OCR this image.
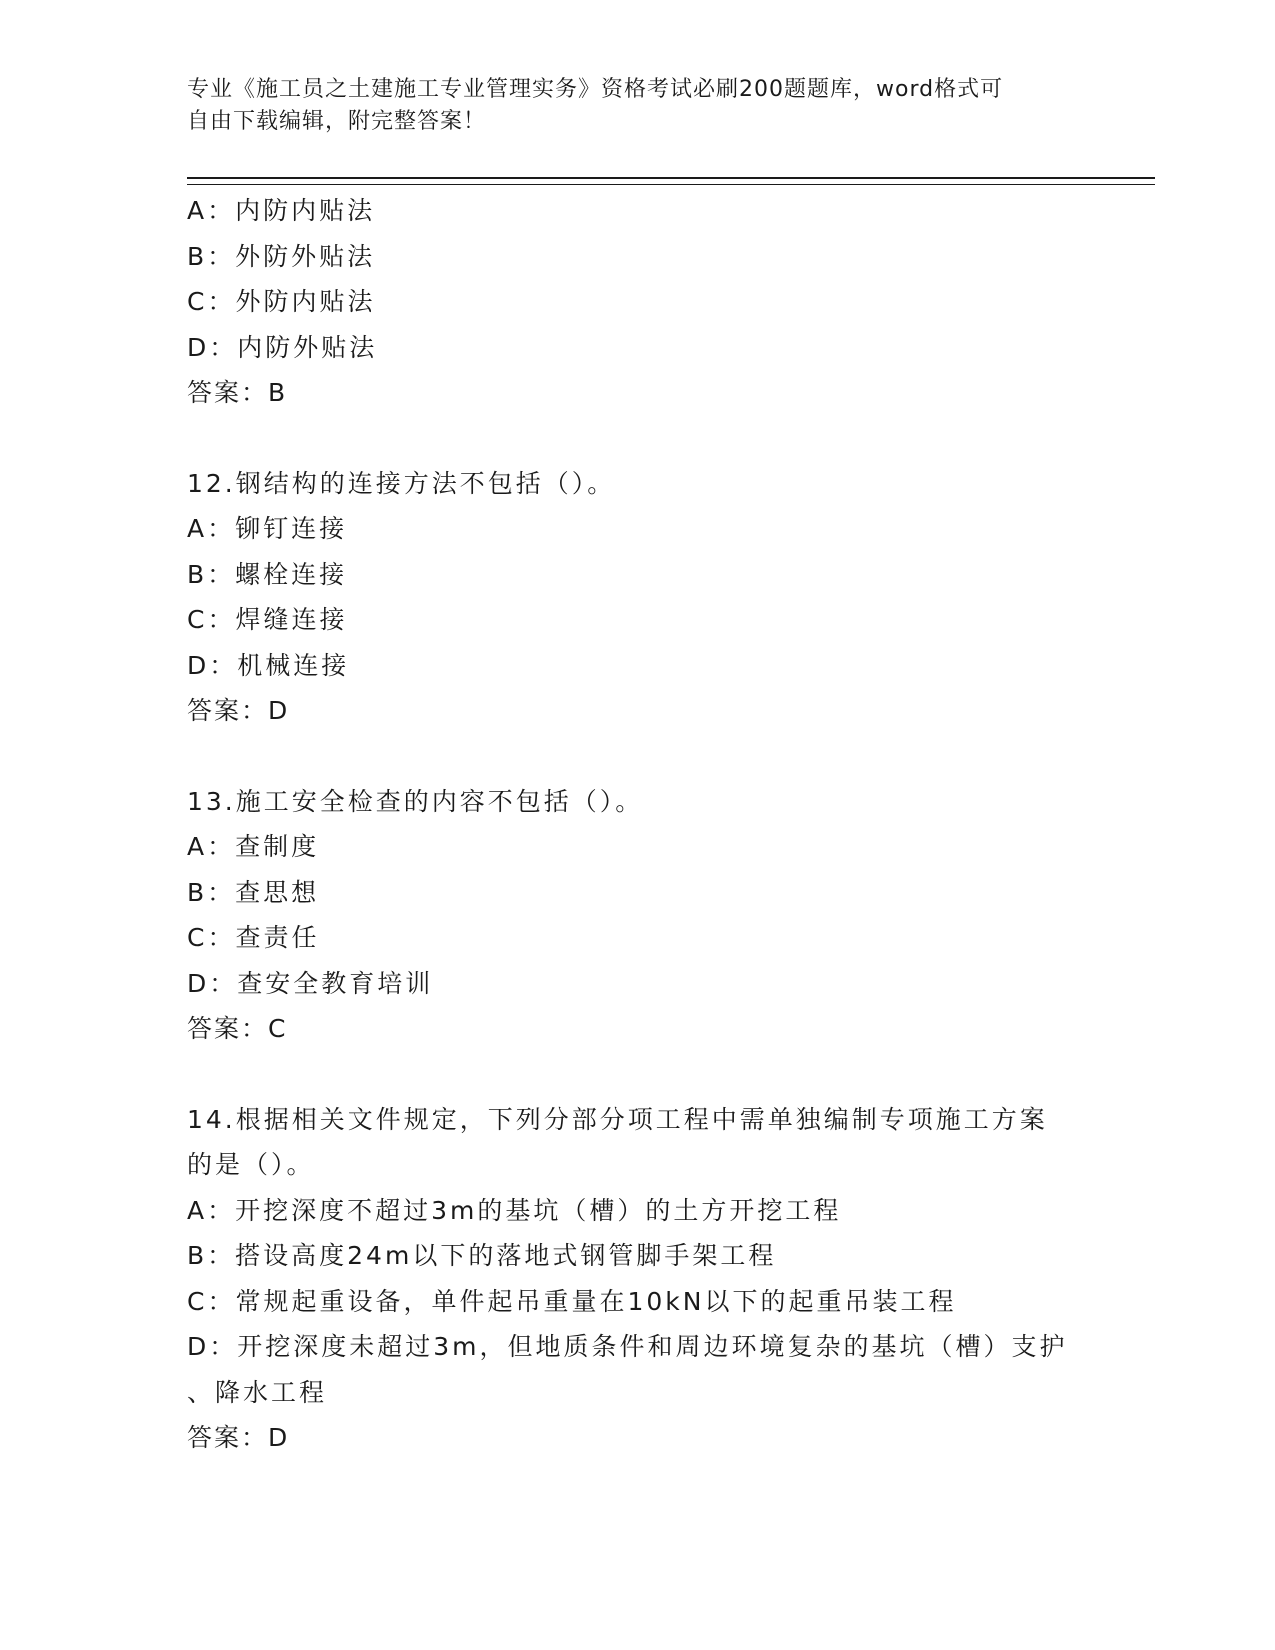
专业《施工员之土建施工专业管理实务》资格考试必刷200题题库，word格式可
自由下载编辑，附完整答案！
A：内防内贴法
B：外防外贴法
C：外防内贴法
D：内防外贴法
答案：B
12.钢结构的连接方法不包括（）。
A：铆钉连接
B：螺栓连接
C：焊缝连接
D：机械连接
答案：D
13.施工安全检查的内容不包括（）。
A：查制度
B：查思想
C：查责任
D：查安全教育培训
答案：C
14.根据相关文件规定，下列分部分项工程中需单独编制专项施工方案
的是（）。
A：开挖深度不超过3m的基坑（槽）的土方开挖工程
B：搭设高度24m以下的落地式钢管脚手架工程
C：常规起重设备，单件起吊重量在10kN以下的起重吊装工程
D：开挖深度未超过3m，但地质条件和周边环境复杂的基坑（槽）支护
、降水工程
答案：D
